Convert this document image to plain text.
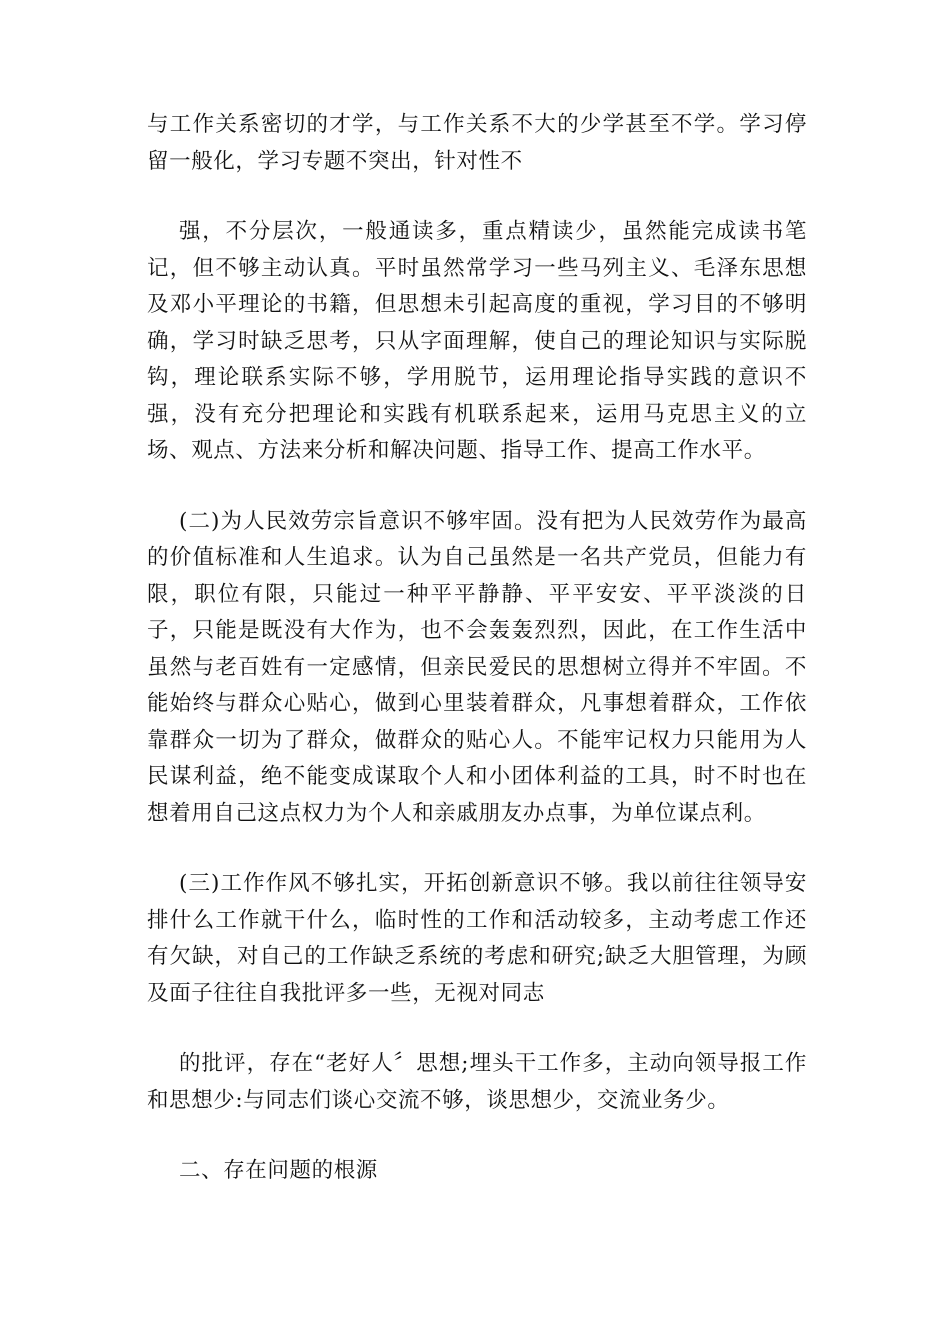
与工作关系密切的才学，与工作关系不大的少学甚至不学。学习停留一般化，学习专题不突出，针对性不

强，不分层次，一般通读多，重点精读少，虽然能完成读书笔记，但不够主动认真。平时虽然常学习一些马列主义、毛泽东思想及邓小平理论的书籍，但思想未引起高度的重视，学习目的不够明确，学习时缺乏思考，只从字面理解，使自己的理论知识与实际脱钩，理论联系实际不够，学用脱节，运用理论指导实践的意识不强，没有充分把理论和实践有机联系起来，运用马克思主义的立场、观点、方法来分析和解决问题、指导工作、提高工作水平。

(二)为人民效劳宗旨意识不够牢固。没有把为人民效劳作为最高的价值标准和人生追求。认为自己虽然是一名共产党员，但能力有限，职位有限，只能过一种平平静静、平平安安、平平淡淡的日子，只能是既没有大作为，也不会轰轰烈烈，因此，在工作生活中虽然与老百姓有一定感情，但亲民爱民的思想树立得并不牢固。不能始终与群众心贴心，做到心里装着群众，凡事想着群众，工作依靠群众一切为了群众，做群众的贴心人。不能牢记权力只能用为人民谋利益，绝不能变成谋取个人和小团体利益的工具，时不时也在想着用自己这点权力为个人和亲戚朋友办点事，为单位谋点利。

(三)工作作风不够扎实，开拓创新意识不够。我以前往往领导安排什么工作就干什么，临时性的工作和活动较多，主动考虑工作还有欠缺，对自己的工作缺乏系统的考虑和研究;缺乏大胆管理，为顾及面子往往自我批评多一些，无视对同志

的批评，存在“老好人〞思想;埋头干工作多，主动向领导报工作和思想少:与同志们谈心交流不够，谈思想少，交流业务少。

二、存在问题的根源
